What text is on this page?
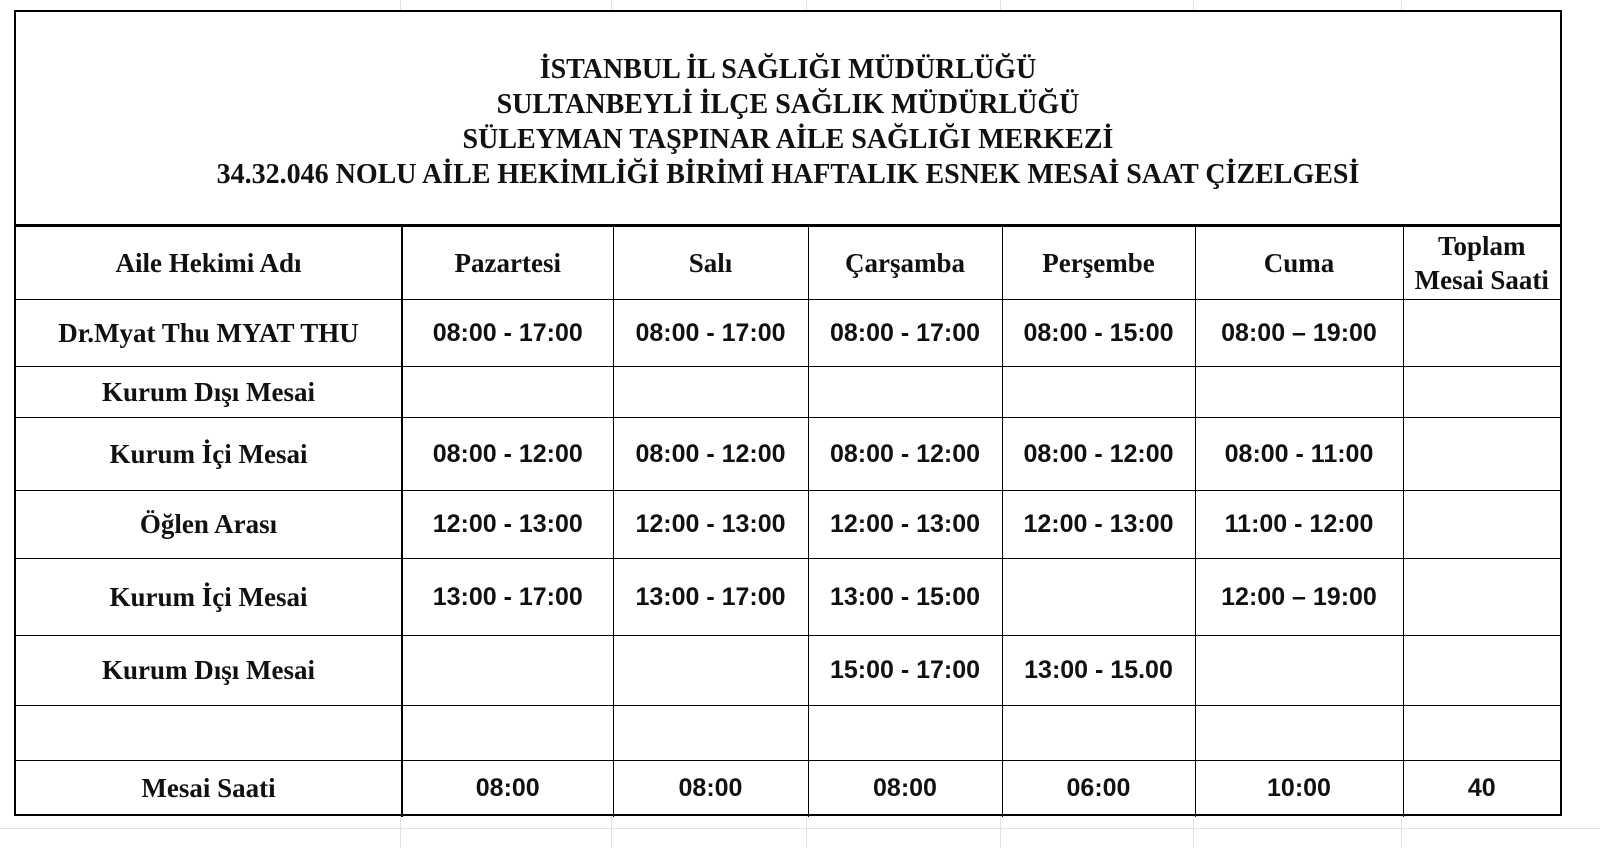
İSTANBUL İL SAĞLIĞI MÜDÜRLÜĞÜ
SULTANBEYLİ İLÇE SAĞLIK MÜDÜRLÜĞÜ
SÜLEYMAN TAŞPINAR AİLE SAĞLIĞI MERKEZİ
34.32.046 NOLU AİLE HEKİMLİĞİ BİRİMİ HAFTALIK ESNEK MESAİ SAAT ÇİZELGESİ
Aile Hekimi Adı	Pazartesi	Salı	Çarşamba	Perşembe	Cuma	Toplam Mesai Saati
Dr.Myat Thu MYAT THU	08:00 - 17:00	08:00 - 17:00	08:00 - 17:00	08:00 - 15:00	08:00 – 19:00	
Kurum Dışı Mesai						
Kurum İçi Mesai	08:00 - 12:00	08:00 - 12:00	08:00 - 12:00	08:00 - 12:00	08:00 - 11:00	
Öğlen Arası	12:00 - 13:00	12:00 - 13:00	12:00 - 13:00	12:00 - 13:00	11:00 - 12:00	
Kurum İçi Mesai	13:00 - 17:00	13:00 - 17:00	13:00 - 15:00		12:00 – 19:00	
Kurum Dışı Mesai			15:00 - 17:00	13:00 - 15.00		

Mesai Saati	08:00	08:00	08:00	06:00	10:00	40
